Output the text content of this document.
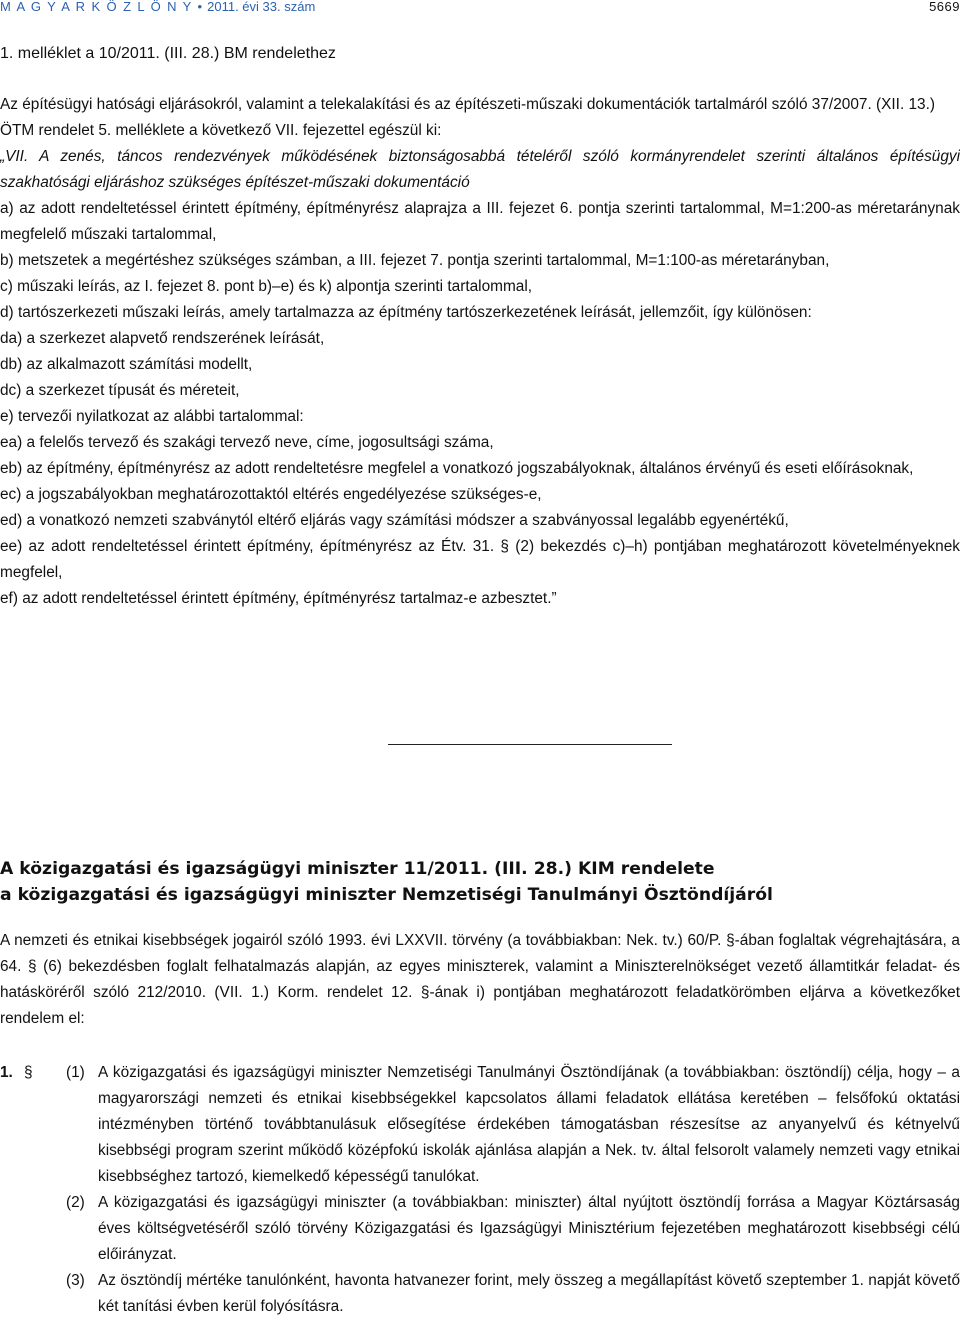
M A G Y A R K Ö Z L Ö N Y • 2011. évi 33. szám	5669
1. melléklet a 10/2011. (III. 28.) BM rendelethez

Az építésügyi hatósági eljárásokról, valamint a telekalakítási és az építészeti-műszaki dokumentációk tartalmáról szóló 37/2007. (XII. 13.) ÖTM rendelet 5. melléklete a következő VII. fejezettel egészül ki:

„VII. A zenés, táncos rendezvények működésének biztonságosabbá tételéről szóló kormányrendelet szerinti általános építésügyi szakhatósági eljáráshoz szükséges építészet-műszaki dokumentáció

a) az adott rendeltetéssel érintett építmény, építményrész alaprajza a III. fejezet 6. pontja szerinti tartalommal, M=1:200-as méretaránynak megfelelő műszaki tartalommal,

b) metszetek a megértéshez szükséges számban, a III. fejezet 7. pontja szerinti tartalommal, M=1:100-as méretarányban,

c) műszaki leírás, az I. fejezet 8. pont b)–e) és k) alpontja szerinti tartalommal,

d) tartószerkezeti műszaki leírás, amely tartalmazza az építmény tartószerkezetének leírását, jellemzőit, így különösen:

da) a szerkezet alapvető rendszerének leírását,

db) az alkalmazott számítási modellt,

dc) a szerkezet típusát és méreteit,

e) tervezői nyilatkozat az alábbi tartalommal:

ea) a felelős tervező és szakági tervező neve, címe, jogosultsági száma,

eb) az építmény, építményrész az adott rendeltetésre megfelel a vonatkozó jogszabályoknak, általános érvényű és eseti előírásoknak,

ec) a jogszabályokban meghatározottaktól eltérés engedélyezése szükséges-e,

ed) a vonatkozó nemzeti szabványtól eltérő eljárás vagy számítási módszer a szabványossal legalább egyenértékű,

ee) az adott rendeltetéssel érintett építmény, építményrész az Étv. 31. § (2) bekezdés c)–h) pontjában meghatározott követelményeknek megfelel,

ef) az adott rendeltetéssel érintett építmény, építményrész tartalmaz-e azbesztet.”

A közigazgatási és igazságügyi miniszter 11/2011. (III. 28.) KIM rendelete
a közigazgatási és igazságügyi miniszter Nemzetiségi Tanulmányi Ösztöndíjáról

A nemzeti és etnikai kisebbségek jogairól szóló 1993. évi LXXVII. törvény (a továbbiakban: Nek. tv.) 60/P. §-ában foglaltak végrehajtására, a 64. § (6) bekezdésben foglalt felhatalmazás alapján, az egyes miniszterek, valamint a Miniszterelnökséget vezető államtitkár feladat- és hatásköréről szóló 212/2010. (VII. 1.) Korm. rendelet 12. §-ának i) pontjában meghatározott feladatkörömben eljárva a következőket rendelem el:

1. § (1) A közigazgatási és igazságügyi miniszter Nemzetiségi Tanulmányi Ösztöndíjának (a továbbiakban: ösztöndíj) célja, hogy – a magyarországi nemzeti és etnikai kisebbségekkel kapcsolatos állami feladatok ellátása keretében – felsőfokú oktatási intézményben történő továbbtanulásuk elősegítése érdekében támogatásban részesítse az anyanyelvű és kétnyelvű kisebbségi program szerint működő középfokú iskolák ajánlása alapján a Nek. tv. által felsorolt valamely nemzeti vagy etnikai kisebbséghez tartozó, kiemelkedő képességű tanulókat.
(2) A közigazgatási és igazságügyi miniszter (a továbbiakban: miniszter) által nyújtott ösztöndíj forrása a Magyar Köztársaság éves költségvetéséről szóló törvény Közigazgatási és Igazságügyi Minisztérium fejezetében meghatározott kisebbségi célú előirányzat.
(3) Az ösztöndíj mértéke tanulónként, havonta hatvanezer forint, mely összeg a megállapítást követő szeptember 1. napját követő két tanítási évben kerül folyósításra.
